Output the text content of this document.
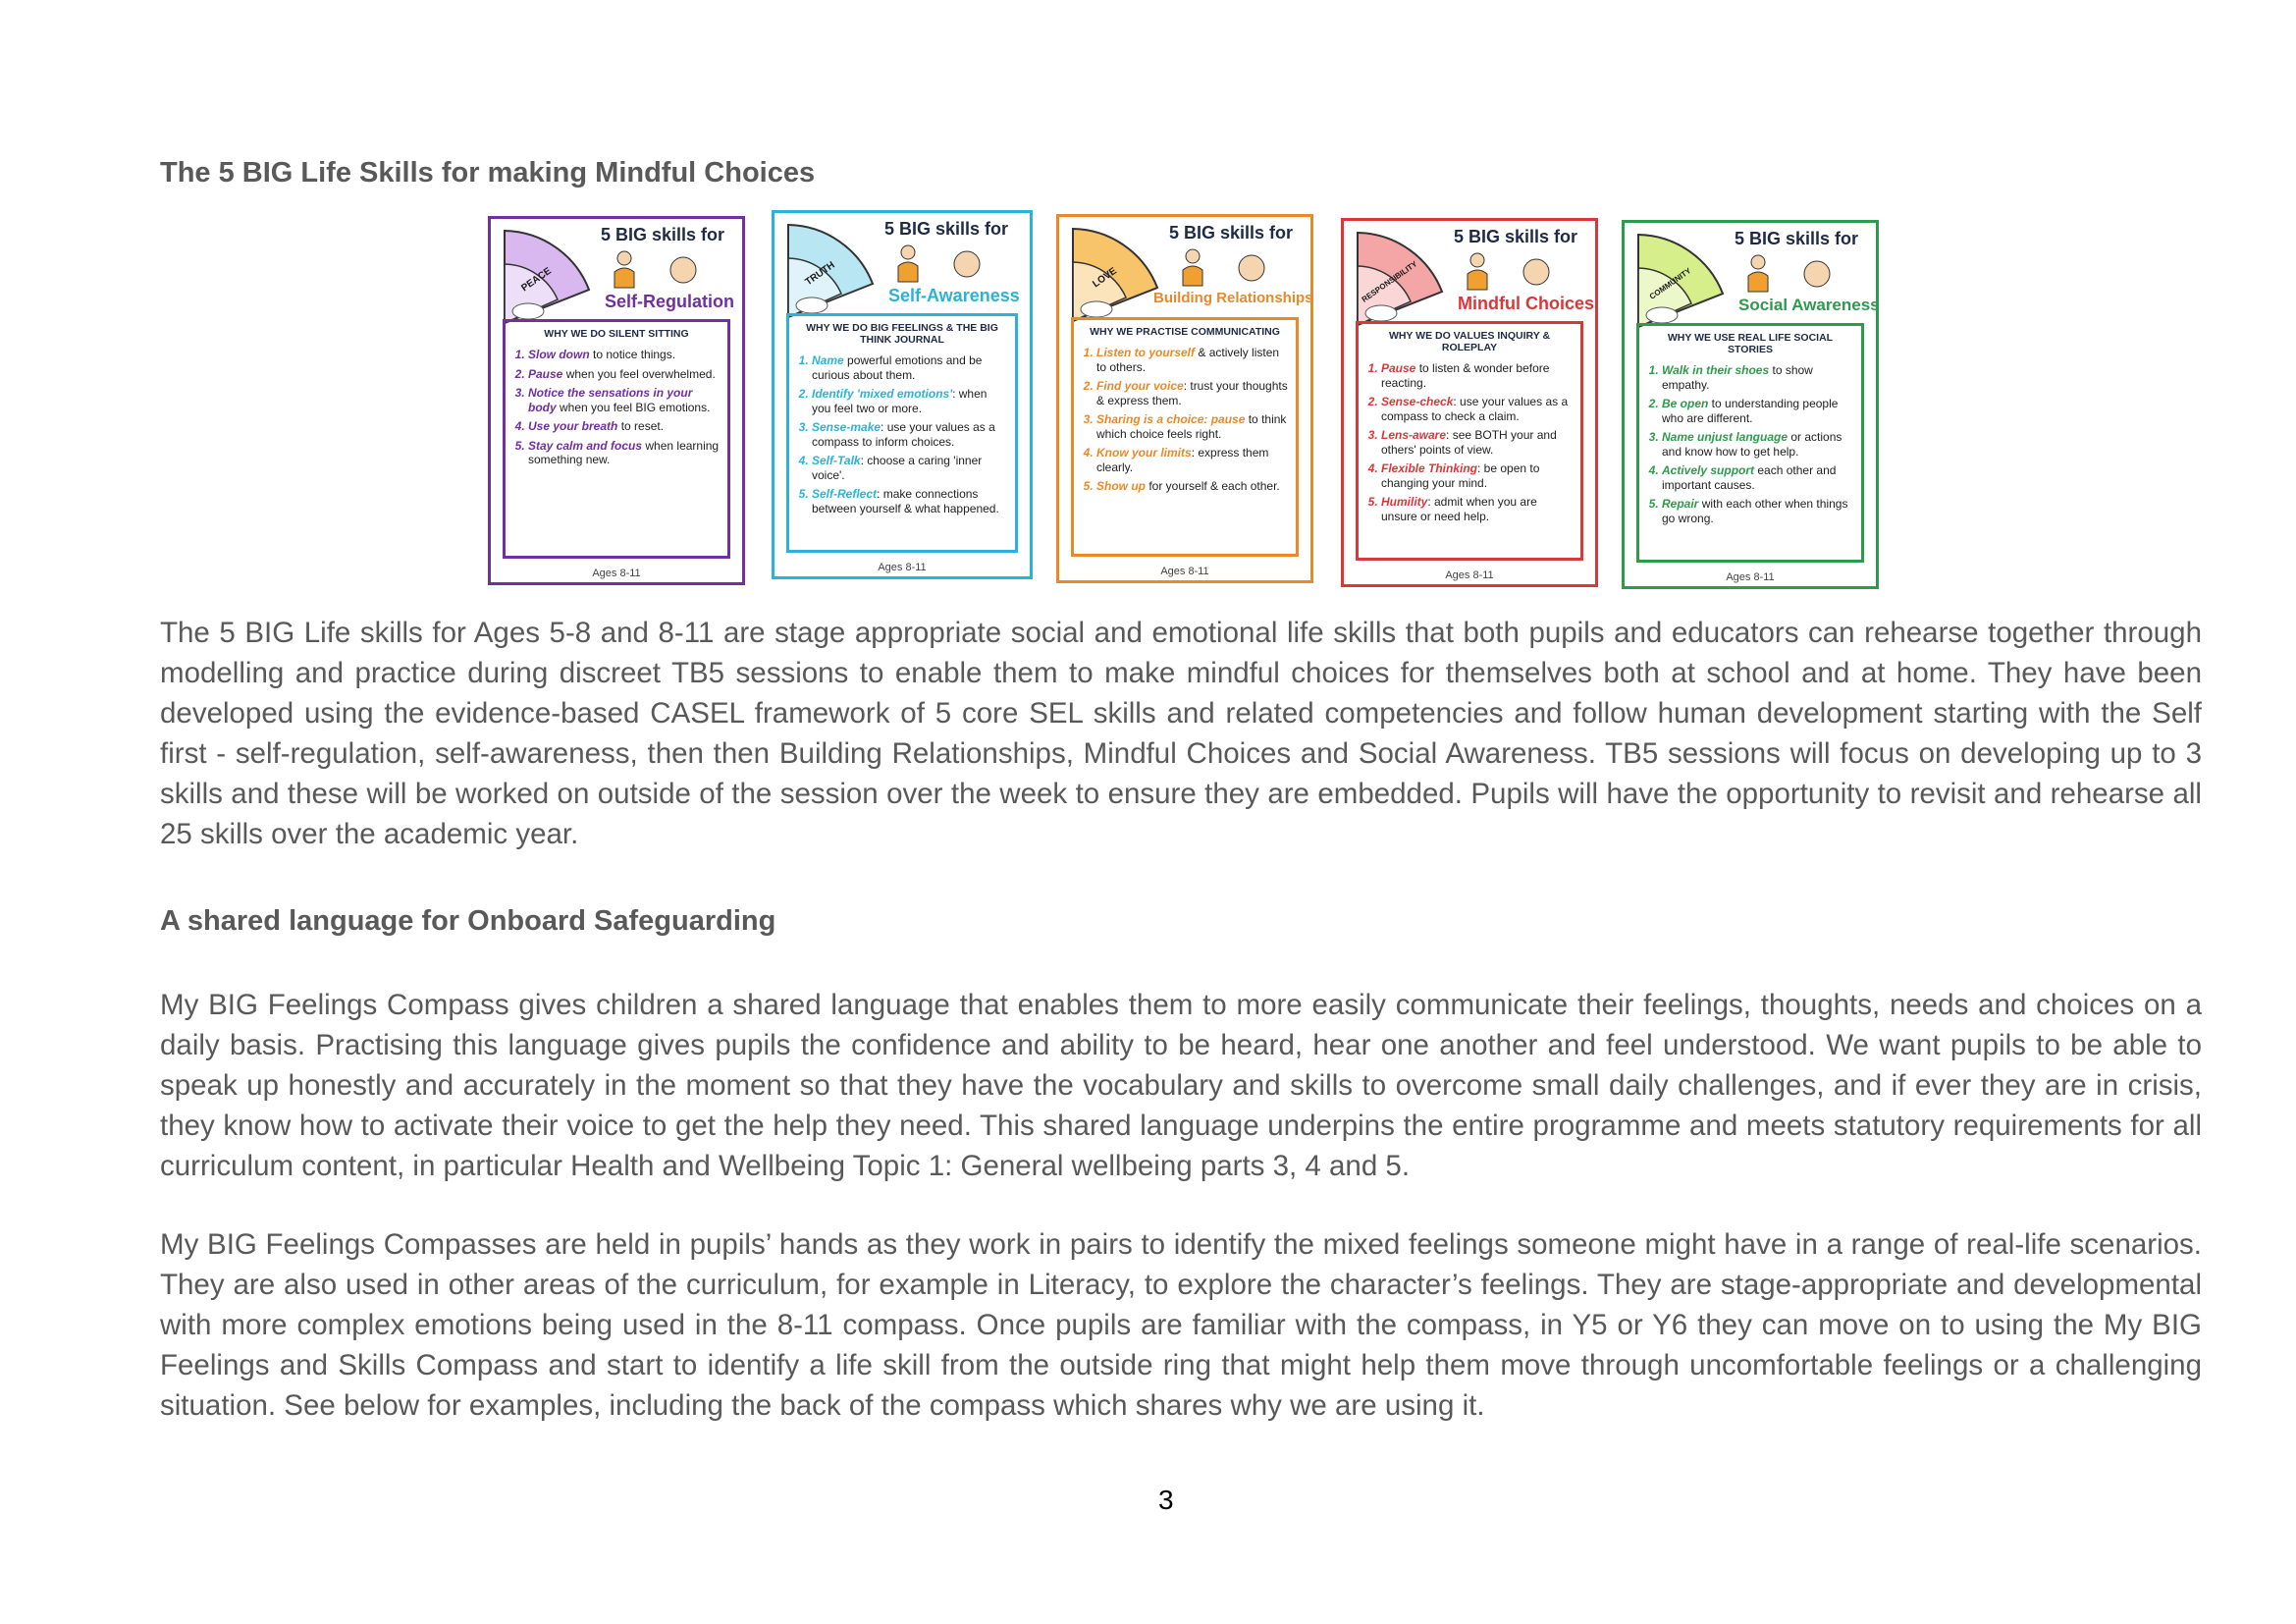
The 5 BIG Life Skills for making Mindful Choices
PEACE
5 BIG skills for
Self-Regulation
WHY WE DO SILENT SITTING
1. Slow down to notice things.
2. Pause when you feel overwhelmed.
3. Notice the sensations in your body when you feel BIG emotions.
4. Use your breath to reset.
5. Stay calm and focus when learning something new.
Ages 8-11
TRUTH
5 BIG skills for
Self-Awareness
WHY WE DO BIG FEELINGS & THE BIG THINK JOURNAL
1. Name powerful emotions and be curious about them.
2. Identify 'mixed emotions': when you feel two or more.
3. Sense-make: use your values as a compass to inform choices.
4. Self-Talk: choose a caring 'inner voice'.
5. Self-Reflect: make connections between yourself & what happened.
Ages 8-11
LOVE
5 BIG skills for
Building Relationships
WHY WE PRACTISE COMMUNICATING
1. Listen to yourself & actively listen to others.
2. Find your voice: trust your thoughts & express them.
3. Sharing is a choice: pause to think which choice feels right.
4. Know your limits: express them clearly.
5. Show up for yourself & each other.
Ages 8-11
RESPONSIBILITY
5 BIG skills for
Mindful Choices
WHY WE DO VALUES INQUIRY & ROLEPLAY
1. Pause to listen & wonder before reacting.
2. Sense-check: use your values as a compass to check a claim.
3. Lens-aware: see BOTH your and others' points of view.
4. Flexible Thinking: be open to changing your mind.
5. Humility: admit when you are unsure or need help.
Ages 8-11
COMMUNITY
5 BIG skills for
Social Awareness
WHY WE USE REAL LIFE SOCIAL STORIES
1. Walk in their shoes to show empathy.
2. Be open to understanding people who are different.
3. Name unjust language or actions and know how to get help.
4. Actively support each other and important causes.
5. Repair with each other when things go wrong.
Ages 8-11

The 5 BIG Life skills for Ages 5-8 and 8-11 are stage appropriate social and emotional life skills that both pupils and educators can rehearse together through modelling and practice during discreet TB5 sessions to enable them to make mindful choices for themselves both at school and at home. They have been developed using the evidence-based CASEL framework of 5 core SEL skills and related competencies and follow human development starting with the Self first - self-regulation, self-awareness, then then Building Relationships, Mindful Choices and Social Awareness. TB5 sessions will focus on developing up to 3 skills and these will be worked on outside of the session over the week to ensure they are embedded. Pupils will have the opportunity to revisit and rehearse all 25 skills over the academic year.

A shared language for Onboard Safeguarding

My BIG Feelings Compass gives children a shared language that enables them to more easily communicate their feelings, thoughts, needs and choices on a daily basis. Practising this language gives pupils the confidence and ability to be heard, hear one another and feel understood. We want pupils to be able to speak up honestly and accurately in the moment so that they have the vocabulary and skills to overcome small daily challenges, and if ever they are in crisis, they know how to activate their voice to get the help they need. This shared language underpins the entire programme and meets statutory requirements for all curriculum content, in particular Health and Wellbeing Topic 1: General wellbeing parts 3, 4 and 5.

My BIG Feelings Compasses are held in pupils’ hands as they work in pairs to identify the mixed feelings someone might have in a range of real-life scenarios. They are also used in other areas of the curriculum, for example in Literacy, to explore the character’s feelings. They are stage-appropriate and developmental with more complex emotions being used in the 8-11 compass. Once pupils are familiar with the compass, in Y5 or Y6 they can move on to using the My BIG Feelings and Skills Compass and start to identify a life skill from the outside ring that might help them move through uncomfortable feelings or a challenging situation. See below for examples, including the back of the compass which shares why we are using it.

3
